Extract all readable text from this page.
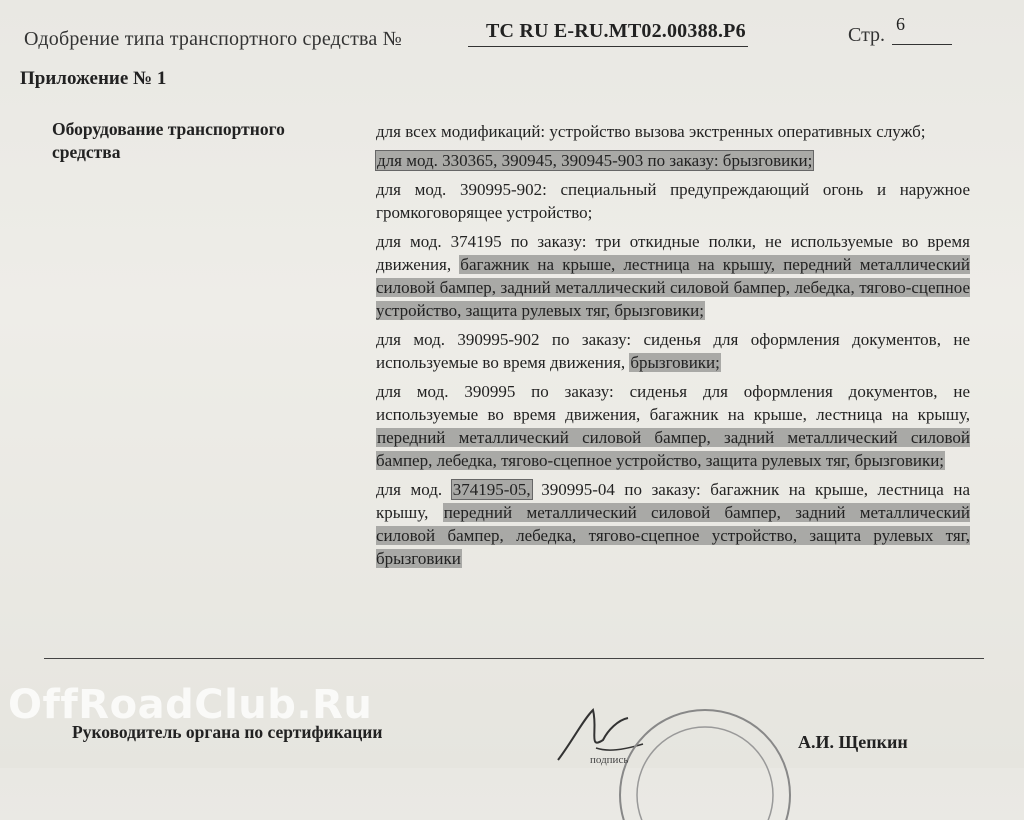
Одобрение типа транспортного средства №	TC RU E-RU.MT02.00388.P6	Стр. 6
Приложение № 1
Оборудование транспортного средства
для всех модификаций: устройство вызова экстренных оперативных служб;
для мод. 330365, 390945, 390945-903 по заказу: брызговики;
для мод. 390995-902: специальный предупреждающий огонь и наружное громкоговорящее устройство;
для мод. 374195 по заказу: три откидные полки, не используемые во время движения, багажник на крыше, лестница на крышу, передний металлический силовой бампер, задний металлический силовой бампер, лебедка, тягово-сцепное устройство, защита рулевых тяг, брызговики;
для мод. 390995-902 по заказу: сиденья для оформления документов, не используемые во время движения, брызговики;
для мод. 390995 по заказу: сиденья для оформления документов, не используемые во время движения, багажник на крыше, лестница на крышу, передний металлический силовой бампер, задний металлический силовой бампер, лебедка, тягово-сцепное устройство, защита рулевых тяг, брызговики;
для мод. 374195-05, 390995-04 по заказу: багажник на крыше, лестница на крышу, передний металлический силовой бампер, задний металлический силовой бампер, лебедка, тягово-сцепное устройство, защита рулевых тяг, брызговики
OffRoadClub.Ru
Руководитель органа по сертификации	А.И. Щепкин
подпись
